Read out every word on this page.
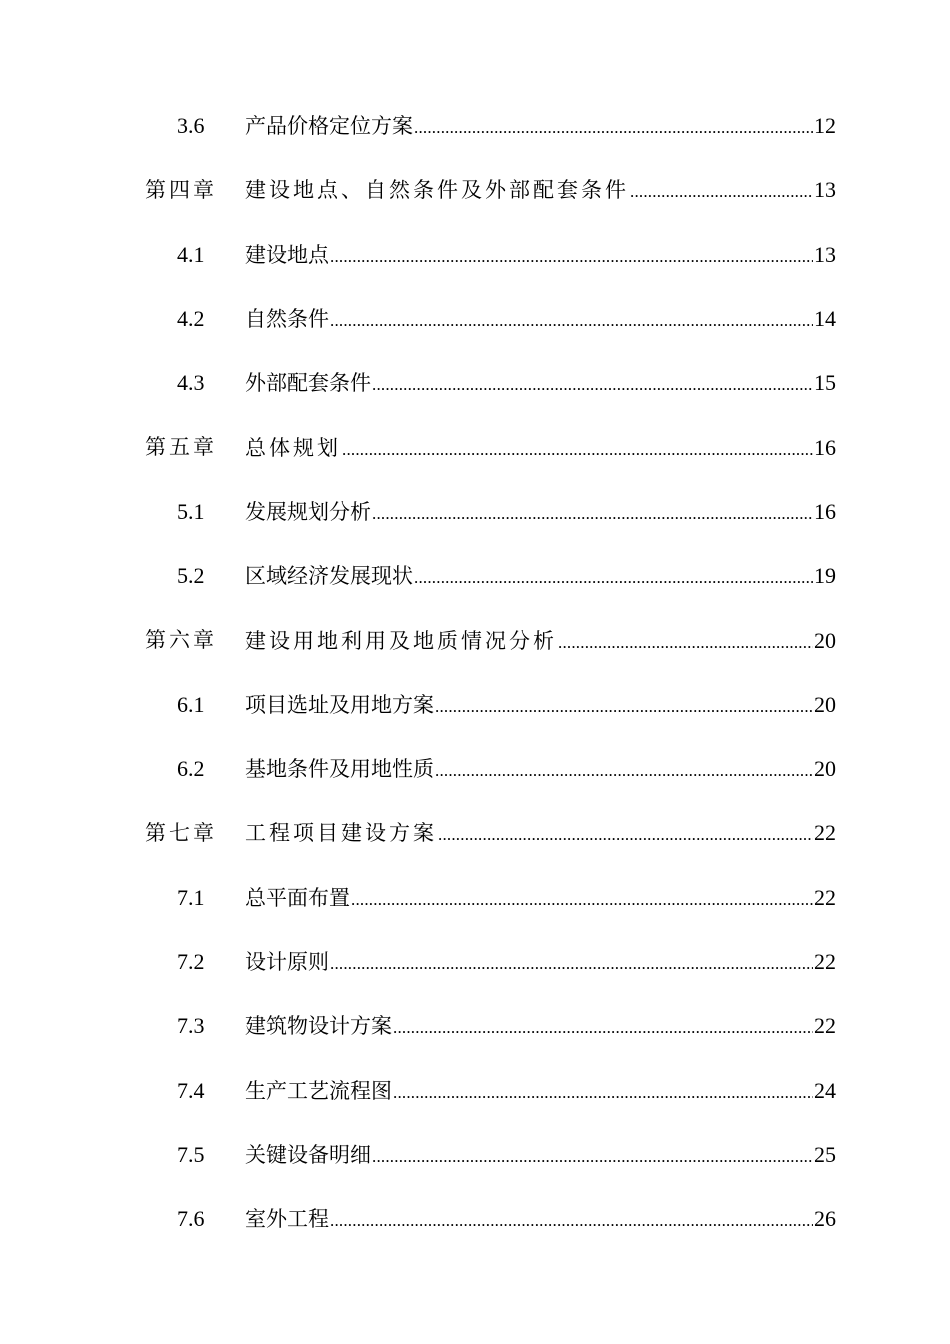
3.6 产品价格定位方案 .....	12
第四章 建设地点、自然条件及外部配套条件 .....	13
4.1 建设地点 .....	13
4.2 自然条件 .....	14
4.3 外部配套条件 .....	15
第五章 总体规划 .....	16
5.1 发展规划分析 .....	16
5.2 区域经济发展现状 .....	19
第六章 建设用地利用及地质情况分析 .....	20
6.1 项目选址及用地方案 .....	20
6.2 基地条件及用地性质 .....	20
第七章 工程项目建设方案 .....	22
7.1 总平面布置 .....	22
7.2 设计原则 .....	22
7.3 建筑物设计方案 .....	22
7.4 生产工艺流程图 .....	24
7.5 关键设备明细 .....	25
7.6 室外工程 .....	26
